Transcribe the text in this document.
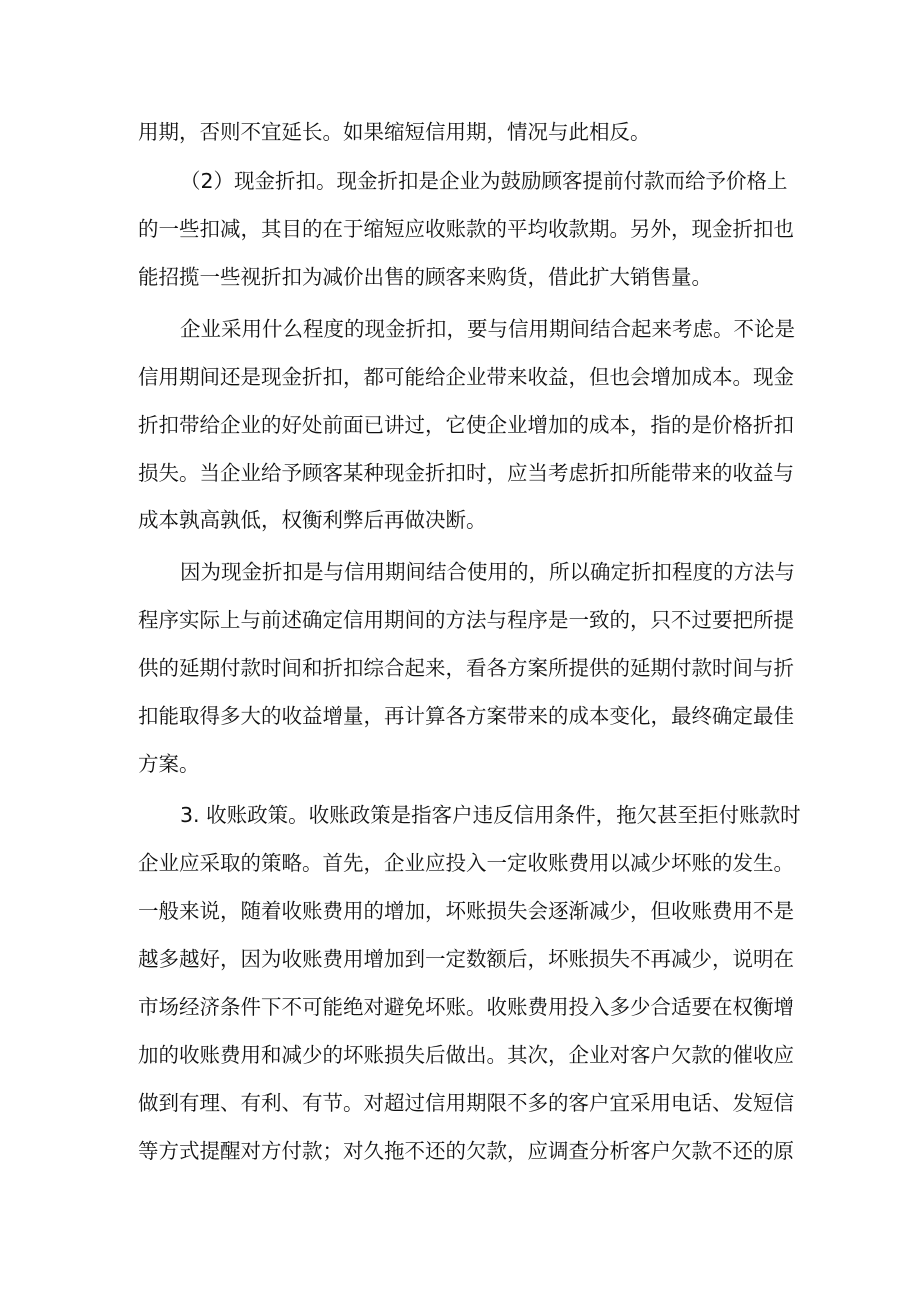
用期，否则不宜延长。如果缩短信用期，情况与此相反。
（2）现金折扣。现金折扣是企业为鼓励顾客提前付款而给予价格上
的一些扣减，其目的在于缩短应收账款的平均收款期。另外，现金折扣也
能招揽一些视折扣为减价出售的顾客来购货，借此扩大销售量。
企业采用什么程度的现金折扣，要与信用期间结合起来考虑。不论是
信用期间还是现金折扣，都可能给企业带来收益，但也会增加成本。现金
折扣带给企业的好处前面已讲过，它使企业增加的成本，指的是价格折扣
损失。当企业给予顾客某种现金折扣时，应当考虑折扣所能带来的收益与
成本孰高孰低，权衡利弊后再做决断。
因为现金折扣是与信用期间结合使用的，所以确定折扣程度的方法与
程序实际上与前述确定信用期间的方法与程序是一致的，只不过要把所提
供的延期付款时间和折扣综合起来，看各方案所提供的延期付款时间与折
扣能取得多大的收益增量，再计算各方案带来的成本变化，最终确定最佳
方案。
3. 收账政策。收账政策是指客户违反信用条件，拖欠甚至拒付账款时
企业应采取的策略。首先，企业应投入一定收账费用以减少坏账的发生。
一般来说，随着收账费用的增加，坏账损失会逐渐减少，但收账费用不是
越多越好，因为收账费用增加到一定数额后，坏账损失不再减少，说明在
市场经济条件下不可能绝对避免坏账。收账费用投入多少合适要在权衡增
加的收账费用和减少的坏账损失后做出。其次，企业对客户欠款的催收应
做到有理、有利、有节。对超过信用期限不多的客户宜采用电话、发短信
等方式提醒对方付款；对久拖不还的欠款，应调查分析客户欠款不还的原
